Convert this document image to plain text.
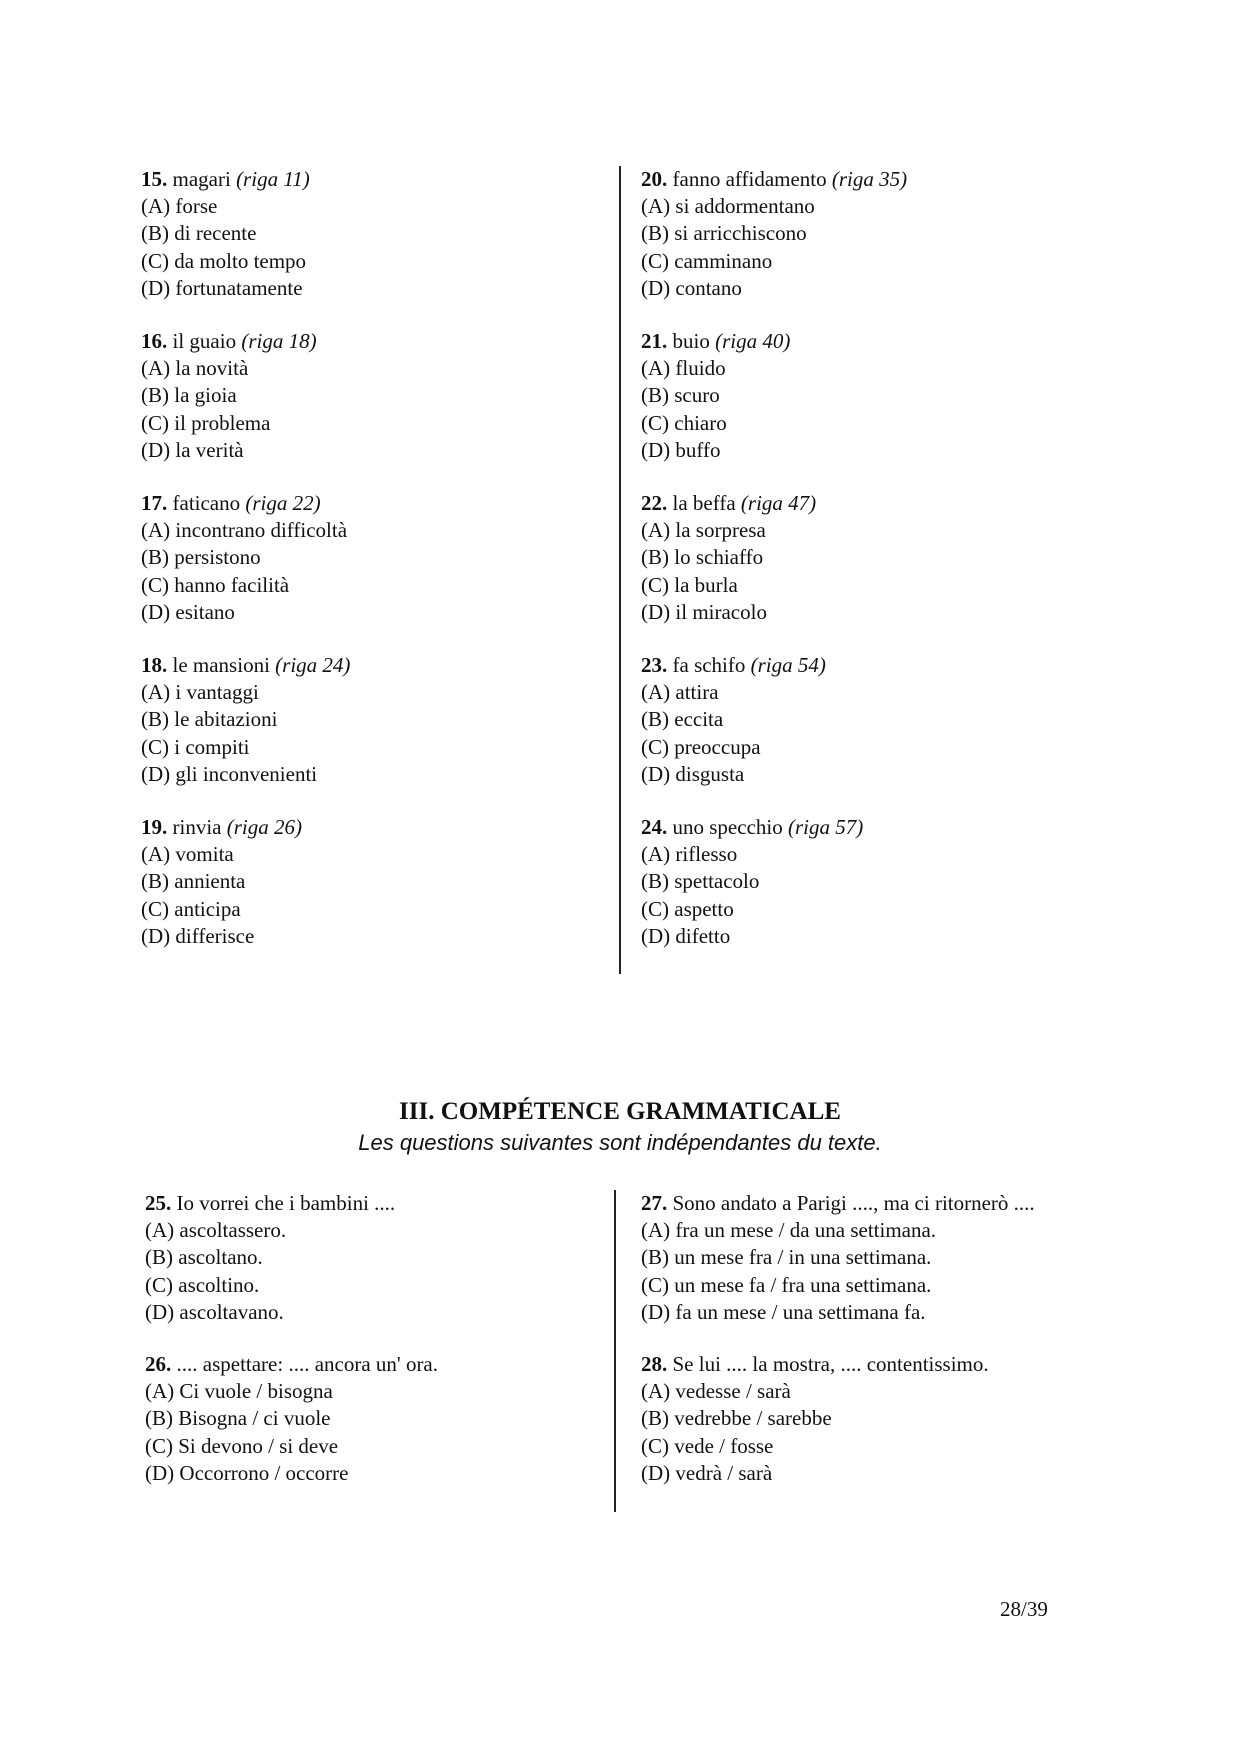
15. magari (riga 11)
(A) forse
(B) di recente
(C) da molto tempo
(D) fortunatamente
16. il guaio (riga 18)
(A) la novità
(B) la gioia
(C) il problema
(D) la verità
17. faticano (riga 22)
(A) incontrano difficoltà
(B) persistono
(C) hanno facilità
(D) esitano
18. le mansioni (riga 24)
(A) i vantaggi
(B) le abitazioni
(C) i compiti
(D) gli inconvenienti
19. rinvia (riga 26)
(A) vomita
(B) annienta
(C) anticipa
(D) differisce
20. fanno affidamento (riga 35)
(A) si addormentano
(B) si arricchiscono
(C) camminano
(D) contano
21. buio (riga 40)
(A) fluido
(B) scuro
(C) chiaro
(D) buffo
22. la beffa (riga 47)
(A) la sorpresa
(B) lo schiaffo
(C) la burla
(D) il miracolo
23. fa schifo (riga 54)
(A) attira
(B) eccita
(C) preoccupa
(D) disgusta
24. uno specchio (riga 57)
(A) riflesso
(B) spettacolo
(C) aspetto
(D) difetto
III. COMPÉTENCE GRAMMATICALE
Les questions suivantes sont indépendantes du texte.
25. Io vorrei che i bambini ....
(A) ascoltassero.
(B) ascoltano.
(C) ascoltino.
(D) ascoltavano.
26. .... aspettare: .... ancora un' ora.
(A) Ci vuole / bisogna
(B) Bisogna / ci vuole
(C) Si devono / si deve
(D) Occorrono / occorre
27. Sono andato a Parigi ...., ma ci ritornerò ....
(A) fra un mese / da una settimana.
(B) un mese fra / in una settimana.
(C) un mese fa / fra una settimana.
(D) fa un mese / una settimana fa.
28. Se lui .... la mostra, .... contentissimo.
(A) vedesse / sarà
(B) vedrebbe / sarebbe
(C) vede / fosse
(D) vedrà / sarà
28/39
